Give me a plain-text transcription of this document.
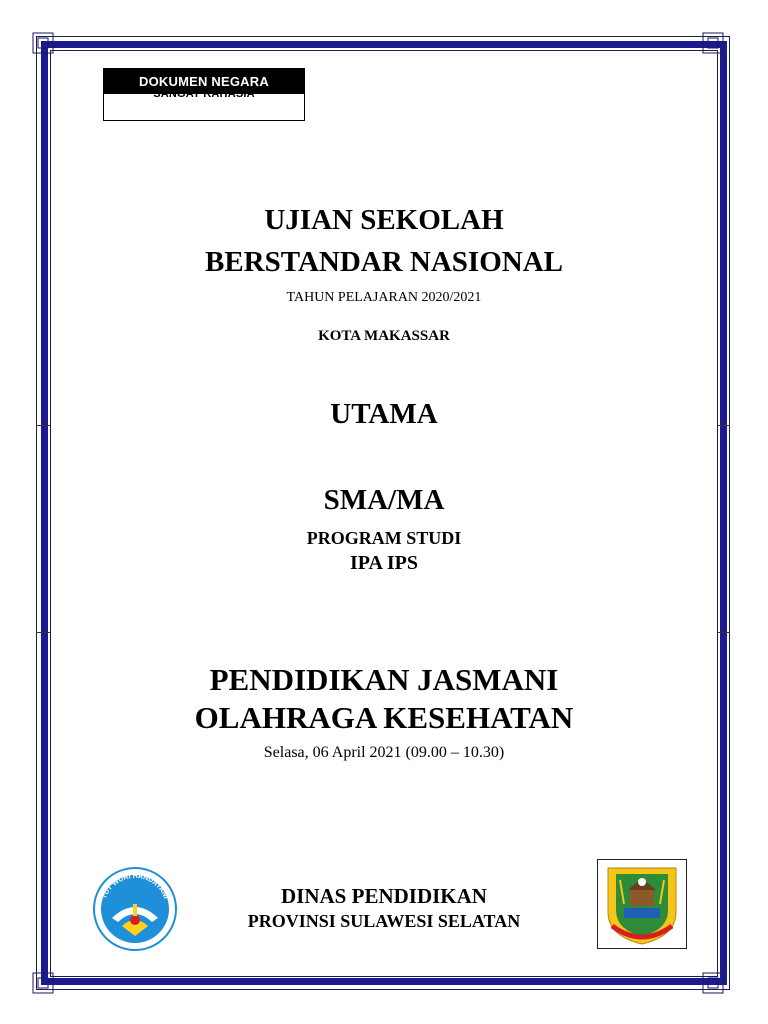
DOKUMEN NEGARA
SANGAT RAHASIA
UJIAN SEKOLAH
BERSTANDAR NASIONAL
TAHUN PELAJARAN 2020/2021
KOTA MAKASSAR
UTAMA
SMA/MA
PROGRAM STUDI
IPA IPS
PENDIDIKAN JASMANI
OLAHRAGA KESEHATAN
Selasa, 06 April 2021 (09.00 – 10.30)
DINAS PENDIDIKAN
PROVINSI SULAWESI SELATAN
TUT WURI HANDAYANI
